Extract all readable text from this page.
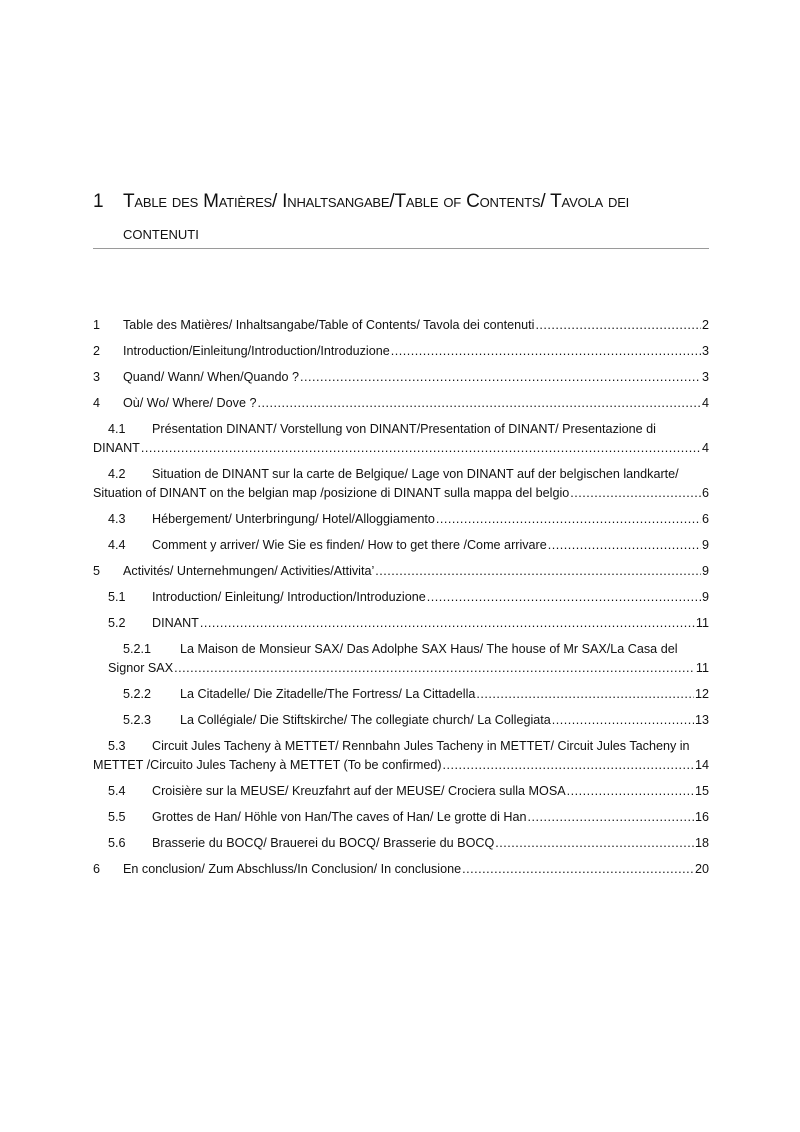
1	Table des Matières/ Inhaltsangabe/Table of Contents/ Tavola dei
contenuti
1	Table des Matières/ Inhaltsangabe/Table of Contents/ Tavola dei contenuti .....	2
2	Introduction/Einleitung/Introduction/Introduzione .....	3
3	Quand/ Wann/ When/Quando ? .....	3
4	Où/ Wo/ Where/ Dove ? .....	4
4.1	Présentation DINANT/ Vorstellung von DINANT/Presentation of DINANT/ Presentazione di
DINANT .....	4
4.2	Situation de DINANT sur la carte de Belgique/ Lage von DINANT auf der belgischen landkarte/
Situation of DINANT on the belgian map /posizione di DINANT sulla mappa del belgio .....	6
4.3	Hébergement/ Unterbringung/ Hotel/Alloggiamento .....	6
4.4	Comment y arriver/ Wie Sie es finden/ How to get there /Come arrivare .....	9
5	Activités/ Unternehmungen/ Activities/Attivita’ .....	9
5.1	Introduction/ Einleitung/ Introduction/Introduzione .....	9
5.2	DINANT .....	11
5.2.1	La Maison de Monsieur SAX/ Das Adolphe SAX Haus/ The house of Mr SAX/La Casa del
Signor SAX .....	11
5.2.2	La Citadelle/ Die Zitadelle/The Fortress/ La Cittadella .....	12
5.2.3	La Collégiale/ Die Stiftskirche/ The collegiate church/ La Collegiata .....	13
5.3	Circuit Jules Tacheny à METTET/ Rennbahn Jules Tacheny in METTET/ Circuit Jules Tacheny in
METTET /Circuito Jules Tacheny à METTET (To be confirmed) .....	14
5.4	Croisière sur la MEUSE/ Kreuzfahrt auf der MEUSE/ Crociera sulla MOSA .....	15
5.5	Grottes de Han/ Höhle von Han/The caves of Han/ Le grotte di Han .....	16
5.6	Brasserie du BOCQ/ Brauerei du BOCQ/ Brasserie du BOCQ .....	18
6	En conclusion/ Zum Abschluss/In Conclusion/ In conclusione .....	20
